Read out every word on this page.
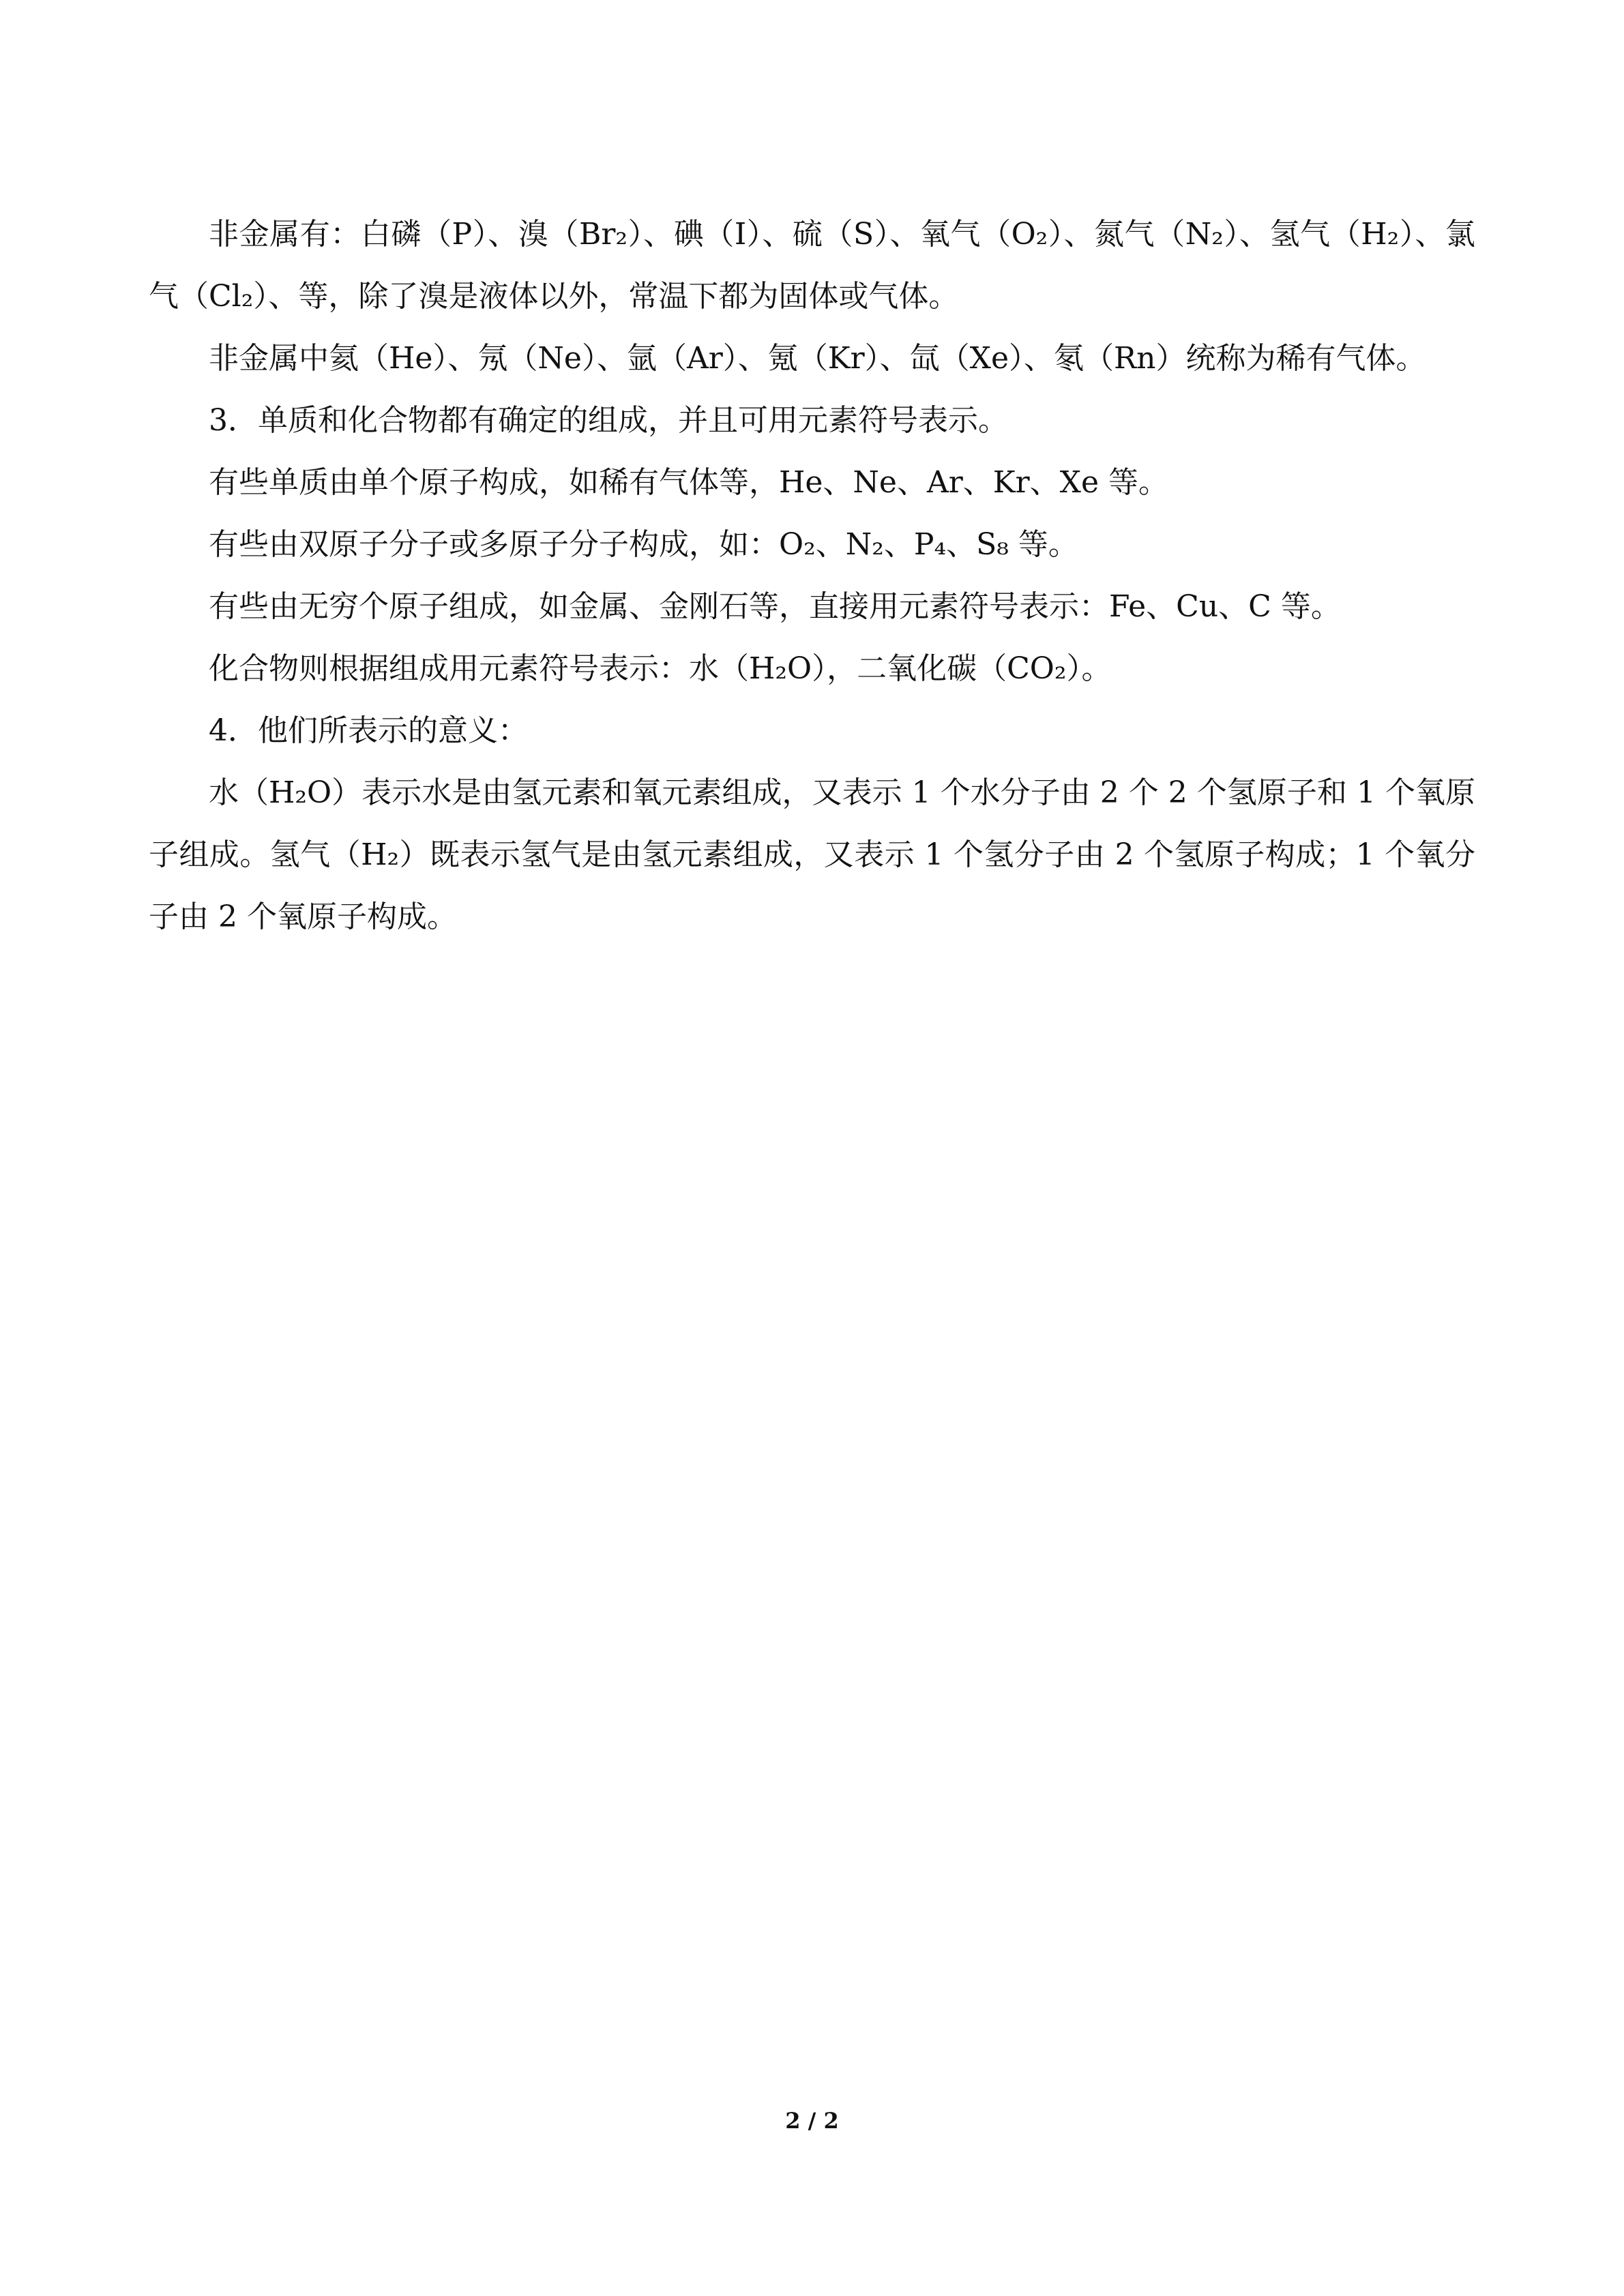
非金属有：白磷（P）、溴（Br₂）、碘（I）、硫（S）、氧气（O₂）、氮气（N₂）、氢气（H₂）、氯气（Cl₂）、等，除了溴是液体以外，常温下都为固体或气体。

非金属中氦（He）、氖（Ne）、氩（Ar）、氪（Kr）、氙（Xe）、氡（Rn）统称为稀有气体。

3．单质和化合物都有确定的组成，并且可用元素符号表示。

有些单质由单个原子构成，如稀有气体等，He、Ne、Ar、Kr、Xe 等。

有些由双原子分子或多原子分子构成，如：O₂、N₂、P₄、S₈ 等。

有些由无穷个原子组成，如金属、金刚石等，直接用元素符号表示：Fe、Cu、C 等。

化合物则根据组成用元素符号表示：水（H₂O），二氧化碳（CO₂）。

4．他们所表示的意义：

水（H₂O）表示水是由氢元素和氧元素组成，又表示 1 个水分子由 2 个 2 个氢原子和 1 个氧原子组成。氢气（H₂）既表示氢气是由氢元素组成，又表示 1 个氢分子由 2 个氢原子构成；1 个氧分子由 2 个氧原子构成。

2 / 2
